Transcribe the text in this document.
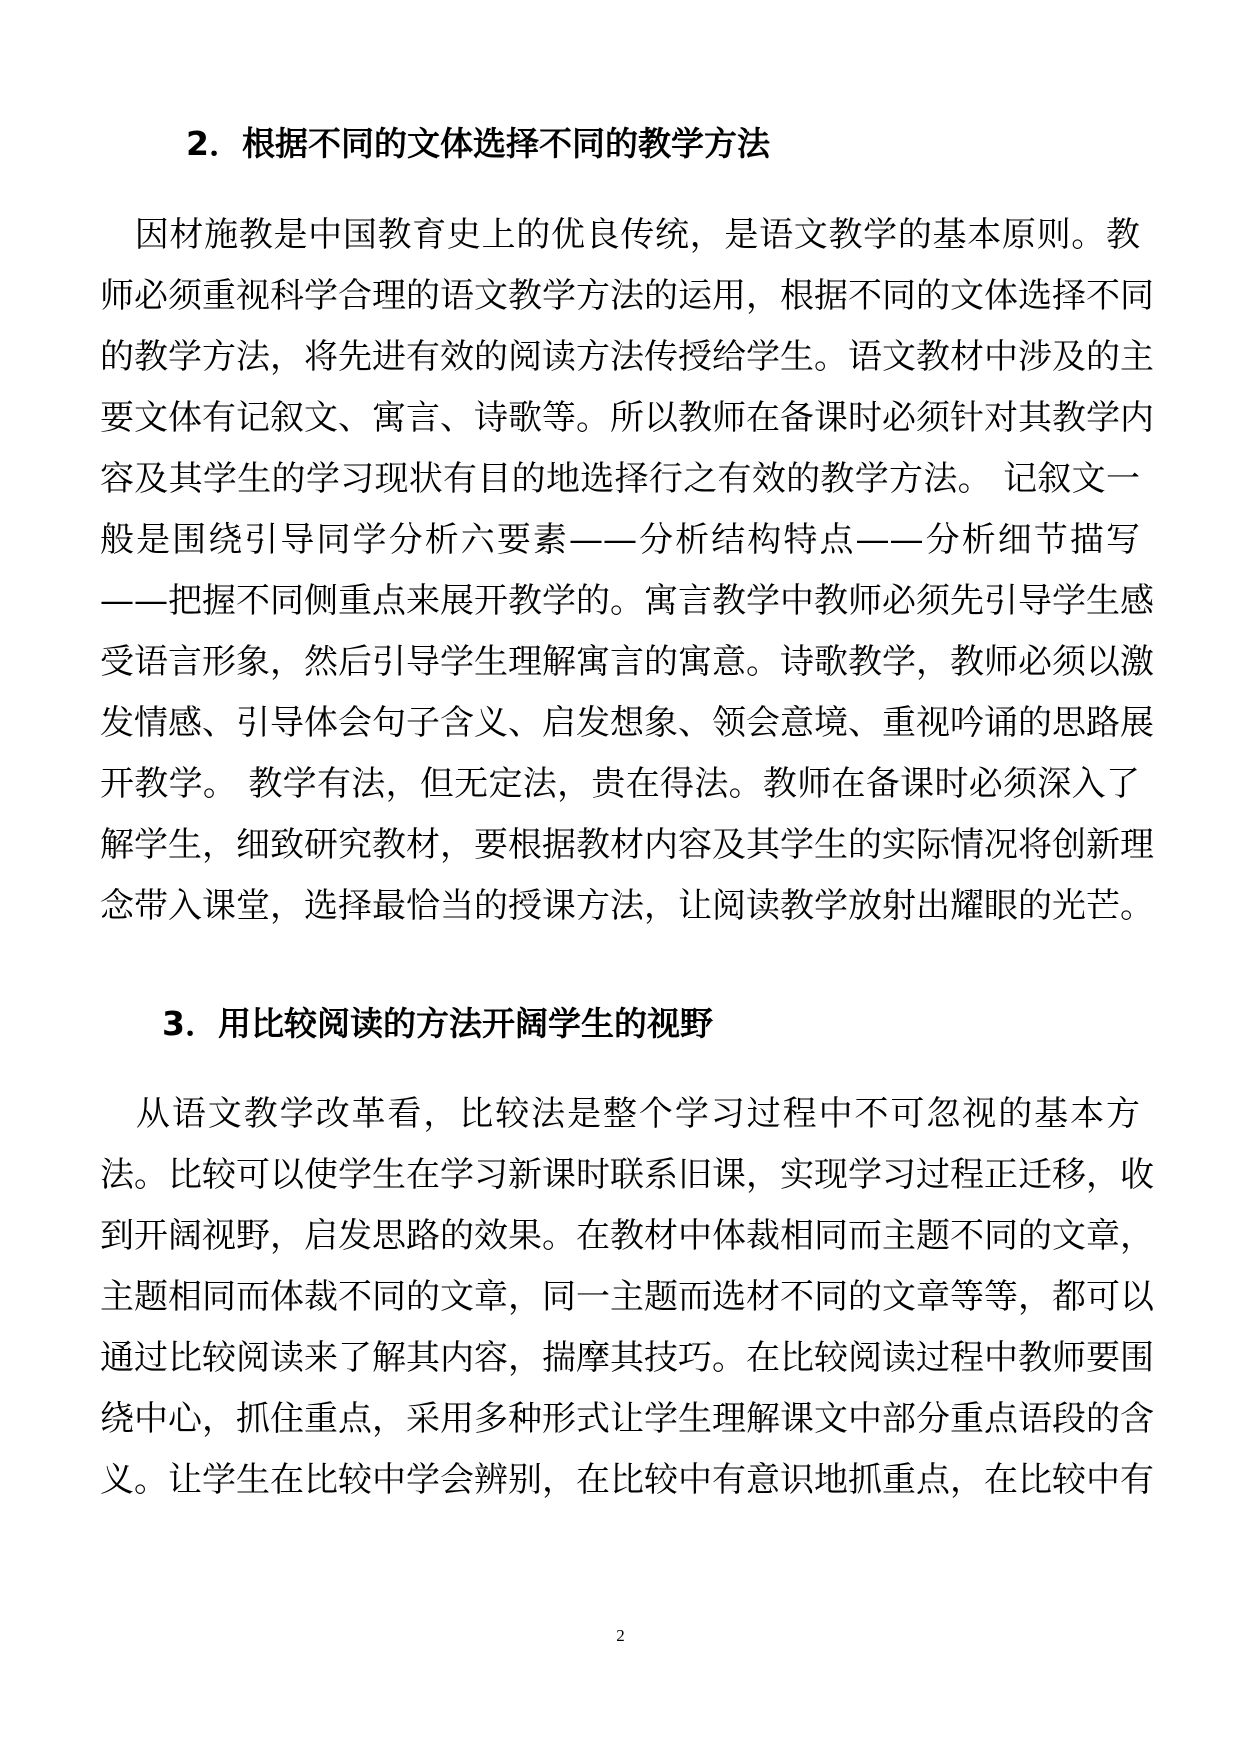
2．根据不同的文体选择不同的教学方法
　因材施教是中国教育史上的优良传统，是语文教学的基本原则。教
师必须重视科学合理的语文教学方法的运用，根据不同的文体选择不同
的教学方法，将先进有效的阅读方法传授给学生。语文教材中涉及的主
要文体有记叙文、寓言、诗歌等。所以教师在备课时必须针对其教学内
容及其学生的学习现状有目的地选择行之有效的教学方法。 记叙文一
般是围绕引导同学分析六要素——分析结构特点——分析细节描写
——把握不同侧重点来展开教学的。寓言教学中教师必须先引导学生感
受语言形象，然后引导学生理解寓言的寓意。诗歌教学，教师必须以激
发情感、引导体会句子含义、启发想象、领会意境、重视吟诵的思路展
开教学。 教学有法，但无定法，贵在得法。教师在备课时必须深入了
解学生，细致研究教材，要根据教材内容及其学生的实际情况将创新理
念带入课堂，选择最恰当的授课方法，让阅读教学放射出耀眼的光芒。
3．用比较阅读的方法开阔学生的视野
　从语文教学改革看，比较法是整个学习过程中不可忽视的基本方
法。比较可以使学生在学习新课时联系旧课，实现学习过程正迁移，收
到开阔视野，启发思路的效果。在教材中体裁相同而主题不同的文章，
主题相同而体裁不同的文章，同一主题而选材不同的文章等等，都可以
通过比较阅读来了解其内容，揣摩其技巧。在比较阅读过程中教师要围
绕中心，抓住重点，采用多种形式让学生理解课文中部分重点语段的含
义。让学生在比较中学会辨别，在比较中有意识地抓重点，在比较中有
2
